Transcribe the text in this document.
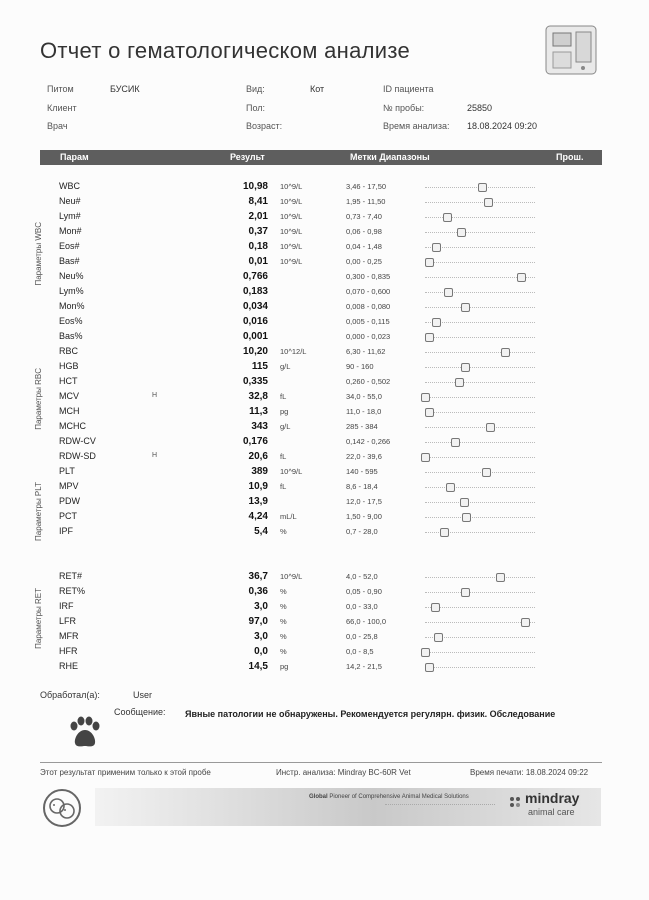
Отчет о гематологическом анализе
Питом	БУСИК
Клиент
Врач
Вид:	Кот
Пол:
Возраст:
ID пациента
№ пробы:	25850
Время анализа: 18.08.2024 09:20
Парам	Результ	Метки Диапазоны	Прош.
Параметры WBC
Параметры RBC
Параметры PLT
Параметры RET
WBC	10,98 10^9/L	3,46 - 17,50
Neu#	8,41 10^9/L	1,95 - 11,50
Lym#	2,01 10^9/L	0,73 - 7,40
Mon#	0,37 10^9/L	0,06 - 0,98
Eos#	0,18 10^9/L	0,04 - 1,48
Bas#	0,01 10^9/L	0,00 - 0,25
Neu%	0,766	0,300 - 0,835
Lym%	0,183	0,070 - 0,600
Mon%	0,034	0,008 - 0,080
Eos%	0,016	0,005 - 0,115
Bas%	0,001	0,000 - 0,023
RBC	10,20 10^12/L	6,30 - 11,62
HGB	115 g/L	90 - 160
HCT	0,335	0,260 - 0,502
MCV	H	32,8 fL	34,0 - 55,0
MCH	11,3 pg	11,0 - 18,0
MCHC	343 g/L	285 - 384
RDW-CV	0,176	0,142 - 0,266
RDW-SD	H	20,6 fL	22,0 - 39,6
PLT	389 10^9/L	140 - 595
MPV	10,9 fL	8,6 - 18,4
PDW	13,9	12,0 - 17,5
PCT	4,24 mL/L	1,50 - 9,00
IPF	5,4 %	0,7 - 28,0
RET#	36,7 10^9/L	4,0 - 52,0
RET%	0,36 %	0,05 - 0,90
IRF	3,0 %	0,0 - 33,0
LFR	97,0 %	66,0 - 100,0
MFR	3,0 %	0,0 - 25,8
HFR	0,0 %	0,0 - 8,5
RHE	14,5 pg	14,2 - 21,5
Обработал(а):	User
Сообщение: Явные патологии не обнаружены. Рекомендуется регулярн. физик. Обследование
Этот результат применим только к этой пробе	Инстр. анализа: Mindray BC-60R Vet	Время печати: 18.08.2024 09:22
Global Pioneer of Comprehensive Animal Medical Solutions	mindray
animal care
